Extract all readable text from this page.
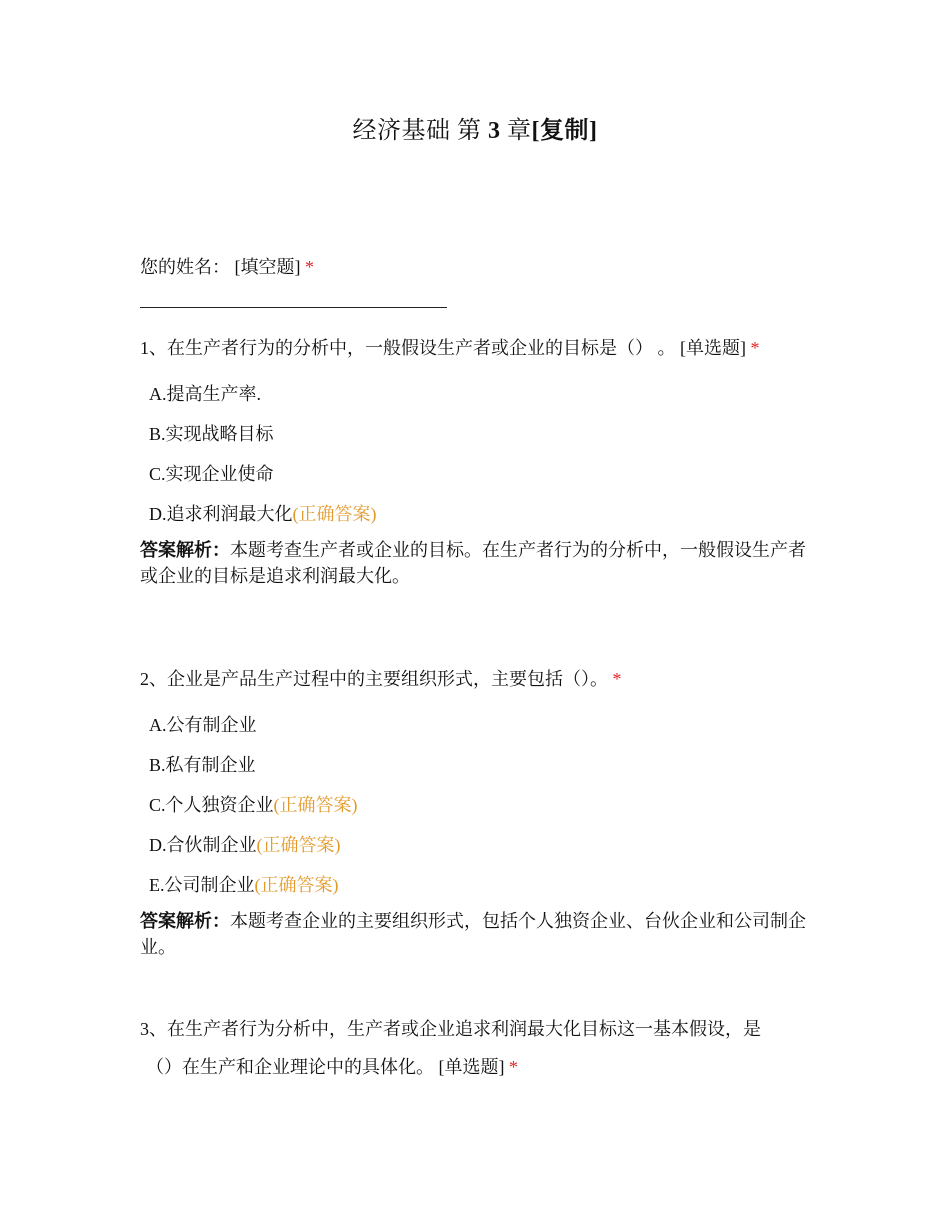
经济基础 第 3 章[复制]
您的姓名： [填空题] *
1、在生产者行为的分析中，一般假设生产者或企业的目标是（） 。 [单选题] *
A.提高生产率.
B.实现战略目标
C.实现企业使命
D.追求利润最大化(正确答案)
答案解析：本题考查生产者或企业的目标。在生产者行为的分析中，一般假设生产者或企业的目标是追求利润最大化。
2、企业是产品生产过程中的主要组织形式，主要包括（）。 *
A.公有制企业
B.私有制企业
C.个人独资企业(正确答案)
D.合伙制企业(正确答案)
E.公司制企业(正确答案)
答案解析：本题考查企业的主要组织形式，包括个人独资企业、台伙企业和公司制企业。
3、在生产者行为分析中，生产者或企业追求利润最大化目标这一基本假设，是
（）在生产和企业理论中的具体化。 [单选题] *
